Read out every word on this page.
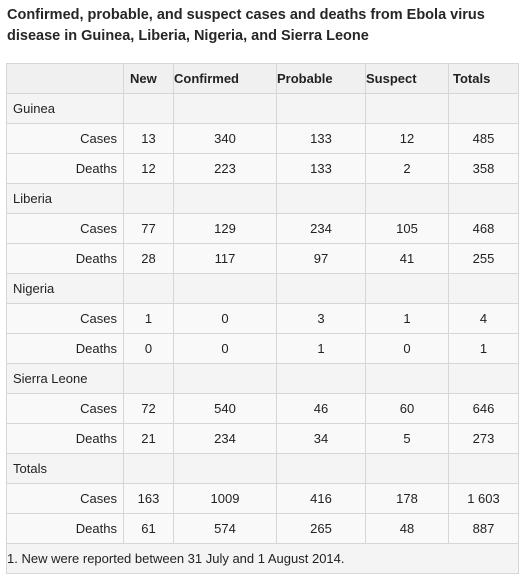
Confirmed, probable, and suspect cases and deaths from Ebola virus disease in Guinea, Liberia, Nigeria, and Sierra Leone
	New	Confirmed	Probable	Suspect	Totals
Guinea					
Cases	13	340	133	12	485
Deaths	12	223	133	2	358
Liberia					
Cases	77	129	234	105	468
Deaths	28	117	97	41	255
Nigeria					
Cases	1	0	3	1	4
Deaths	0	0	1	0	1
Sierra Leone					
Cases	72	540	46	60	646
Deaths	21	234	34	5	273
Totals					
Cases	163	1009	416	178	1 603
Deaths	61	574	265	48	887
1. New were reported between 31 July and 1 August 2014.					
